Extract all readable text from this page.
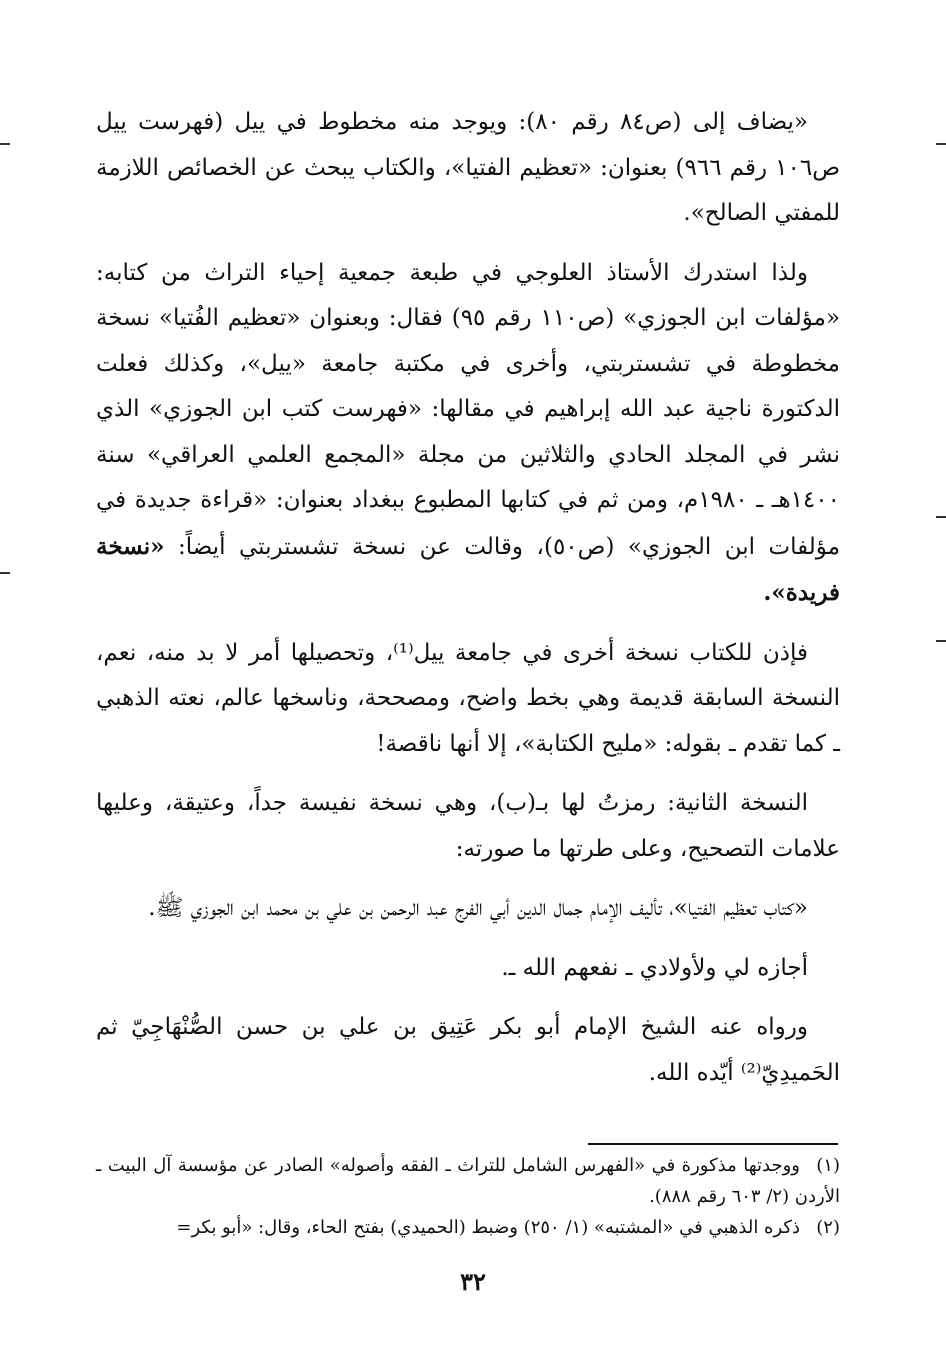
«يضاف إلى (ص٨٤ رقم ٨٠): ويوجد منه مخطوط في ييل (فهرست ييل ص١٠٦ رقم ٩٦٦) بعنوان: «تعظيم الفتيا»، والكتاب يبحث عن الخصائص اللازمة للمفتي الصالح».

ولذا استدرك الأستاذ العلوجي في طبعة جمعية إحياء التراث من كتابه: «مؤلفات ابن الجوزي» (ص١١٠ رقم ٩٥) فقال: وبعنوان «تعظيم الفُتيا» نسخة مخطوطة في تشستربتي، وأخرى في مكتبة جامعة «ييل»، وكذلك فعلت الدكتورة ناجية عبد الله إبراهيم في مقالها: «فهرست كتب ابن الجوزي» الذي نشر في المجلد الحادي والثلاثين من مجلة «المجمع العلمي العراقي» سنة ١٤٠٠هـ ـ ١٩٨٠م، ومن ثم في كتابها المطبوع ببغداد بعنوان: «قراءة جديدة في مؤلفات ابن الجوزي» (ص٥٠)، وقالت عن نسخة تشستربتي أيضاً: «نسخة فريدة».

فإذن للكتاب نسخة أخرى في جامعة ييل⁽¹⁾، وتحصيلها أمر لا بد منه، نعم، النسخة السابقة قديمة وهي بخط واضح، ومصححة، وناسخها عالم، نعته الذهبي ـ كما تقدم ـ بقوله: «مليح الكتابة»، إلا أنها ناقصة!

النسخة الثانية: رمزتُ لها بـ(ب)، وهي نسخة نفيسة جداً، وعتيقة، وعليها علامات التصحيح، وعلى طرتها ما صورته:

«كتاب تعظيم الفتيا»، تأليف الإمام جمال الدين أبي الفرج عبد الرحمن بن علي بن محمد ابن الجوزي ﷺ.

أجازه لي ولأولادي ـ نفعهم الله ـ.

ورواه عنه الشيخ الإمام أبو بكر عَتِيق بن علي بن حسن الصُّنْهَاجِيّ ثم الحَميدِيّ⁽²⁾ أيّده الله.

(١)ووجدتها مذكورة في «الفهرس الشامل للتراث ـ الفقه وأصوله» الصادر عن مؤسسة آل البيت ـ الأردن (٢/ ٦٠٣ رقم ٨٨٨).

(٢)ذكره الذهبي في «المشتبه» (١/ ٢٥٠) وضبط (الحميدي) بفتح الحاء، وقال: «أبو بكر=

٣٢
